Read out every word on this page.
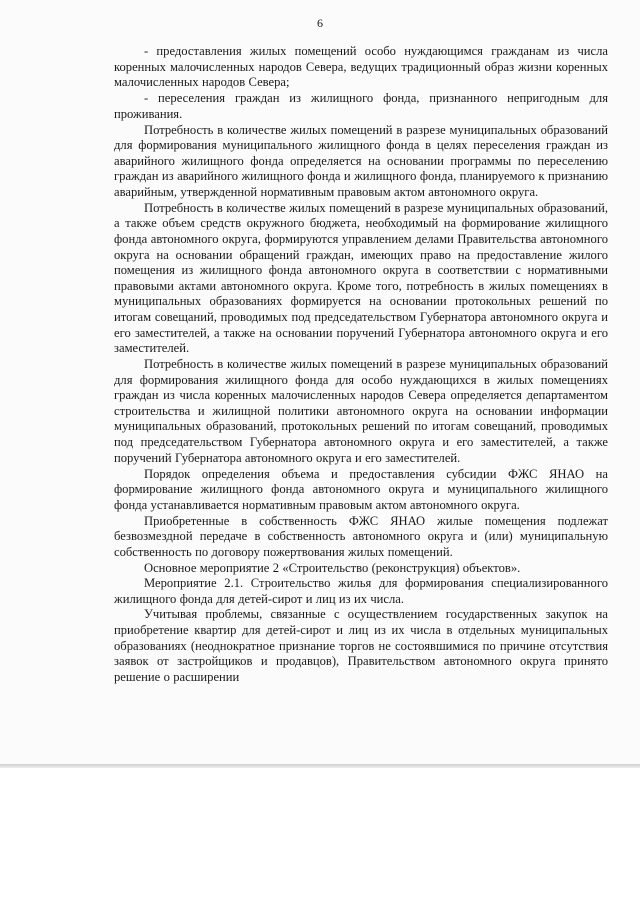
6

- предоставления жилых помещений особо нуждающимся гражданам из числа коренных малочисленных народов Севера, ведущих традиционный образ жизни коренных малочисленных народов Севера;

- переселения граждан из жилищного фонда, признанного непригодным для проживания.

Потребность в количестве жилых помещений в разрезе муниципальных образований для формирования муниципального жилищного фонда в целях переселения граждан из аварийного жилищного фонда определяется на основании программы по переселению граждан из аварийного жилищного фонда и жилищного фонда, планируемого к признанию аварийным, утвержденной нормативным правовым актом автономного округа.

Потребность в количестве жилых помещений в разрезе муниципальных образований, а также объем средств окружного бюджета, необходимый на формирование жилищного фонда автономного округа, формируются управлением делами Правительства автономного округа на основании обращений граждан, имеющих право на предоставление жилого помещения из жилищного фонда автономного округа в соответствии с нормативными правовыми актами автономного округа. Кроме того, потребность в жилых помещениях в муниципальных образованиях формируется на основании протокольных решений по итогам совещаний, проводимых под председательством Губернатора автономного округа и его заместителей, а также на основании поручений Губернатора автономного округа и его заместителей.

Потребность в количестве жилых помещений в разрезе муниципальных образований для формирования жилищного фонда для особо нуждающихся в жилых помещениях граждан из числа коренных малочисленных народов Севера определяется департаментом строительства и жилищной политики автономного округа на основании информации муниципальных образований, протокольных решений по итогам совещаний, проводимых под председательством Губернатора автономного округа и его заместителей, а также поручений Губернатора автономного округа и его заместителей.

Порядок определения объема и предоставления субсидии ФЖС ЯНАО на формирование жилищного фонда автономного округа и муниципального жилищного фонда устанавливается нормативным правовым актом автономного округа.

Приобретенные в собственность ФЖС ЯНАО жилые помещения подлежат безвозмездной передаче в собственность автономного округа и (или) муниципальную собственность по договору пожертвования жилых помещений.

Основное мероприятие 2 «Строительство (реконструкция) объектов».

Мероприятие 2.1. Строительство жилья для формирования специализированного жилищного фонда для детей-сирот и лиц из их числа.

Учитывая проблемы, связанные с осуществлением государственных закупок на приобретение квартир для детей-сирот и лиц из их числа в отдельных муниципальных образованиях (неоднократное признание торгов не состоявшимися по причине отсутствия заявок от застройщиков и продавцов), Правительством автономного округа принято решение о расширении
